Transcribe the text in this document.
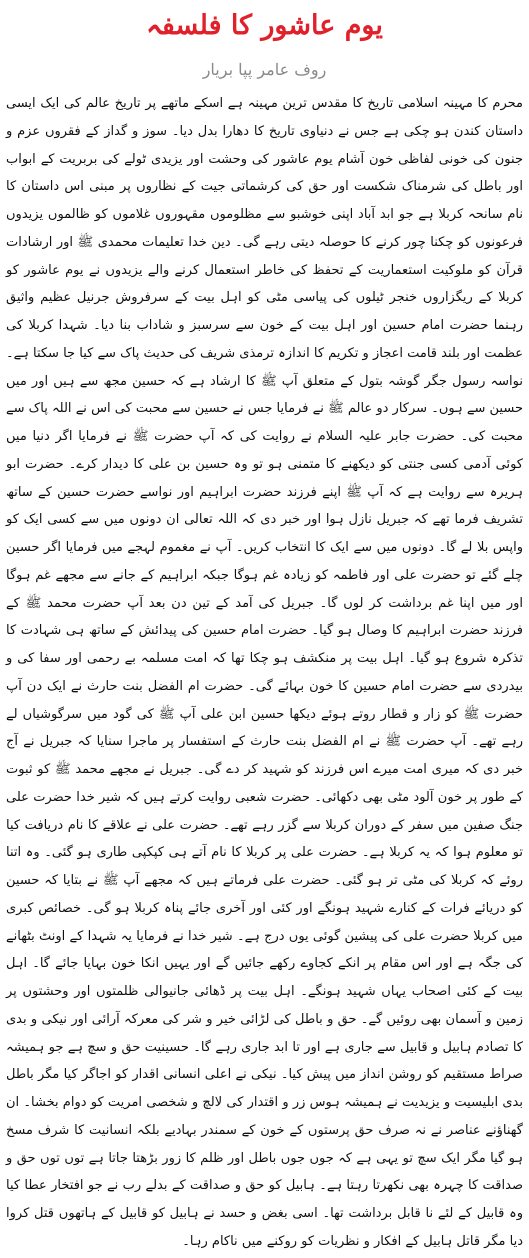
یوم عاشور کا فلسفہ
روف عامر پپا بریار

محرم کا مہینہ اسلامی تاریخ کا مقدس ترین مہینہ ہے اسکے ماتھے پر تاریخ عالم کی ایک ایسی داستان کندن ہو چکی ہے جس نے دنیاوی تاریخ کا دھارا بدل دیا۔ سوز و گداز کے فقروں عزم و جنون کی خونی لفاظی خون آشام یوم عاشور کی وحشت اور یزیدی ٹولے کی بربریت کے ابواب اور باطل کی شرمناک شکست اور حق کی کرشماتی جیت کے نظاروں پر مبنی اس داستان کا نام سانحہ کربلا ہے جو ابد آباد اپنی خوشبو سے مظلوموں مقہوروں غلاموں کو ظالموں یزیدوں فرعونوں کو چکنا چور کرنے کا حوصلہ دیتی رہے گی۔ دین خدا تعلیمات محمدی ﷺ اور ارشادات قرآن کو ملوکیت استعماریت کے تحفظ کی خاطر استعمال کرنے والے یزیدوں نے یوم عاشور کو کربلا کے ریگزاروں خنجر ٹیلوں کی پیاسی مٹی کو اہل بیت کے سرفروش جرنیل عظیم واثیق رہنما حضرت امام حسین اور اہل بیت کے خون سے سرسبز و شاداب بنا دیا۔ شہدا کربلا کی عظمت اور بلند قامت اعجاز و تکریم کا اندازہ ترمذی شریف کی حدیث پاک سے کیا جا سکتا ہے۔ نواسہ رسول جگر گوشہ بتول کے متعلق آپ ﷺ کا ارشاد ہے کہ حسین مجھ سے ہیں اور میں حسین سے ہوں۔ سرکار دو عالم ﷺ نے فرمایا جس نے حسین سے محبت کی اس نے اللہ پاک سے محبت کی۔ حضرت جابر علیہ السلام نے روایت کی کہ آپ حضرت ﷺ نے فرمایا اگر دنیا میں کوئی آدمی کسی جنتی کو دیکھنے کا متمنی ہو تو وہ حسین بن علی کا دیدار کرے۔ حضرت ابو ہریرہ سے روایت ہے کہ آپ ﷺ اپنے فرزند حضرت ابراہیم اور نواسے حضرت حسین کے ساتھ تشریف فرما تھے کہ جبریل نازل ہوا اور خبر دی کہ اللہ تعالی ان دونوں میں سے کسی ایک کو واپس بلا لے گا۔ دونوں میں سے ایک کا انتخاب کریں۔ آپ نے مغموم لہجے میں فرمایا اگر حسین چلے گئے تو حضرت علی اور فاطمہ کو زیادہ غم ہوگا جبکہ ابراہیم کے جانے سے مجھے غم ہوگا اور میں اپنا غم برداشت کر لوں گا۔ جبریل کی آمد کے تین دن بعد آپ حضرت محمد ﷺ کے فرزند حضرت ابراہیم کا وصال ہو گیا۔ حضرت امام حسین کی پیدائش کے ساتھ ہی شہادت کا تذکرہ شروع ہو گیا۔ اہل بیت پر منکشف ہو چکا تھا کہ امت مسلمہ بے رحمی اور سفا کی و بیدردی سے حضرت امام حسین کا خون بہائے گی۔ حضرت ام الفضل بنت حارث نے ایک دن آپ حضرت ﷺ کو زار و قطار روتے ہوئے دیکھا حسین ابن علی آپ ﷺ کی گود میں سرگوشیاں لے رہے تھے۔ آپ حضرت ﷺ نے ام الفضل بنت حارث کے استفسار پر ماجرا سنایا کہ جبریل نے آج خبر دی کہ میری امت میرے اس فرزند کو شہید کر دے گی۔ جبریل نے مجھے محمد ﷺ کو ثبوت کے طور پر خون آلود مٹی بھی دکھائی۔ حضرت شعبی روایت کرتے ہیں کہ شیر خدا حضرت علی جنگ صفین میں سفر کے دوران کربلا سے گزر رہے تھے۔ حضرت علی نے علاقے کا نام دریافت کیا تو معلوم ہوا کہ یہ کربلا ہے۔ حضرت علی پر کربلا کا نام آتے ہی کپکپی طاری ہو گئی۔ وہ اتنا روئے کہ کربلا کی مٹی تر ہو گئی۔ حضرت علی فرماتے ہیں کہ مجھے آپ ﷺ نے بتایا کہ حسین کو دریائے فرات کے کنارے شہید ہونگے اور کئی اور آخری جائے پناہ کربلا ہو گی۔ خصائص کبری میں کربلا حضرت علی کی پیشین گوئی یوں درج ہے۔ شیر خدا نے فرمایا یہ شہدا کے اونٹ بٹھانے کی جگہ ہے اور اس مقام پر انکے کجاوے رکھے جائیں گے اور یہیں انکا خون بہایا جائے گا۔ اہل بیت کے کئی اصحاب یہاں شہید ہونگے۔ اہل بیت پر ڈھائی جانیوالی ظلمتوں اور وحشتوں پر زمین و آسمان بھی روئیں گے۔ حق و باطل کی لڑائی خیر و شر کی معرکہ آرائی اور نیکی و بدی کا تصادم ہابیل و قابیل سے جاری ہے اور تا ابد جاری رہے گا۔ حسینیت حق و سچ ہے جو ہمیشہ صراط مستقیم کو روشن انداز میں پیش کیا۔ نیکی نے اعلی انسانی اقدار کو اجاگر کیا مگر باطل بدی ابلیسیت و یزیدیت نے ہمیشہ ہوس زر و اقتدار کی لالچ و شخصی امریت کو دوام بخشا۔ ان گھناؤنے عناصر نے نہ صرف حق پرستوں کے خون کے سمندر بہادیے بلکہ انسانیت کا شرف مسخ ہو گیا مگر ایک سچ تو یہی ہے کہ جوں جوں باطل اور ظلم کا زور بڑھتا جاتا ہے توں توں حق و صداقت کا چہرہ بھی نکھرتا رہتا ہے۔ ہابیل کو حق و صداقت کے بدلے رب نے جو افتخار عطا کیا وہ قابیل کے لئے نا قابل برداشت تھا۔ اسی بغض و حسد نے ہابیل کو قابیل کے ہاتھوں قتل کروا دیا مگر قاتل ہابیل کے افکار و نظریات کو روکنے میں ناکام رہا۔
